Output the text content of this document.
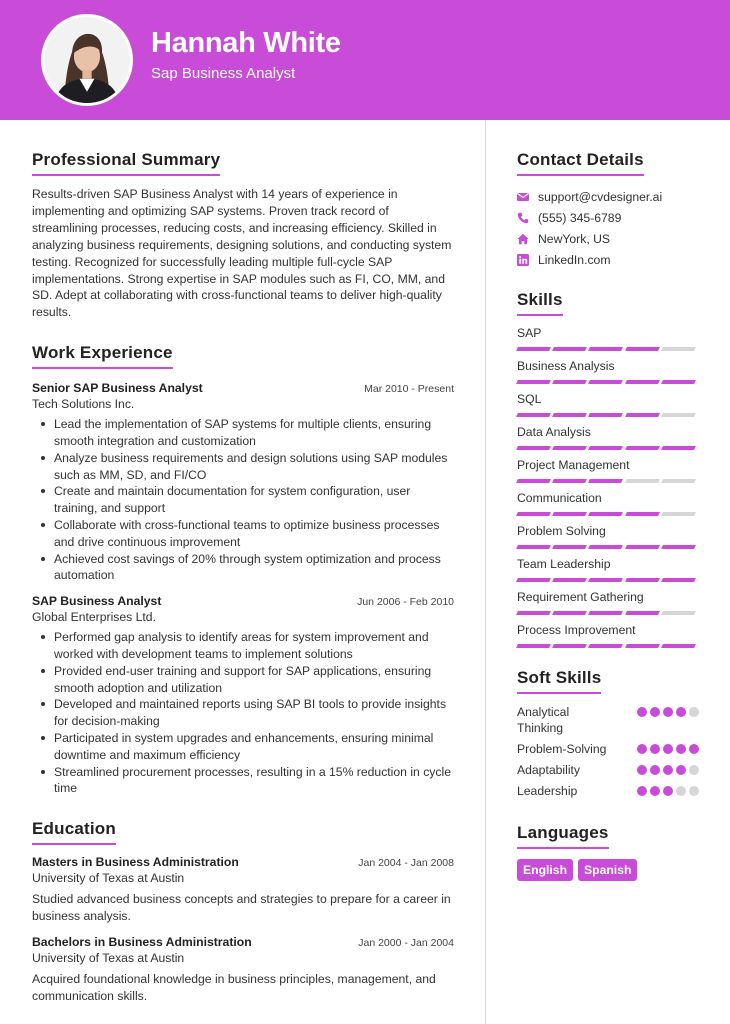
Hannah White
Sap Business Analyst
Professional Summary

Results-driven SAP Business Analyst with 14 years of experience in implementing and optimizing SAP systems. Proven track record of streamlining processes, reducing costs, and increasing efficiency. Skilled in analyzing business requirements, designing solutions, and conducting system testing. Recognized for successfully leading multiple full-cycle SAP implementations. Strong expertise in SAP modules such as FI, CO, MM, and SD. Adept at collaborating with cross-functional teams to deliver high-quality results.

Work Experience
Senior SAP Business Analyst	Mar 2010 - Present
Tech Solutions Inc.
Lead the implementation of SAP systems for multiple clients, ensuring smooth integration and customization
Analyze business requirements and design solutions using SAP modules such as MM, SD, and FI/CO
Create and maintain documentation for system configuration, user training, and support
Collaborate with cross-functional teams to optimize business processes and drive continuous improvement
Achieved cost savings of 20% through system optimization and process automation
SAP Business Analyst	Jun 2006 - Feb 2010
Global Enterprises Ltd.
Performed gap analysis to identify areas for system improvement and worked with development teams to implement solutions
Provided end-user training and support for SAP applications, ensuring smooth adoption and utilization
Developed and maintained reports using SAP BI tools to provide insights for decision-making
Participated in system upgrades and enhancements, ensuring minimal downtime and maximum efficiency
Streamlined procurement processes, resulting in a 15% reduction in cycle time
Education
Masters in Business Administration	Jan 2004 - Jan 2008
University of Texas at Austin

Studied advanced business concepts and strategies to prepare for a career in business analysis.

Bachelors in Business Administration	Jan 2000 - Jan 2004
University of Texas at Austin

Acquired foundational knowledge in business principles, management, and communication skills.

Contact Details
support@cvdesigner.ai
(555) 345-6789
NewYork, US
LinkedIn.com
Skills
SAP
Business Analysis
SQL
Data Analysis
Project Management
Communication
Problem Solving
Team Leadership
Requirement Gathering
Process Improvement
Soft Skills
Analytical Thinking
Problem-Solving
Adaptability
Leadership
Languages
English	Spanish
